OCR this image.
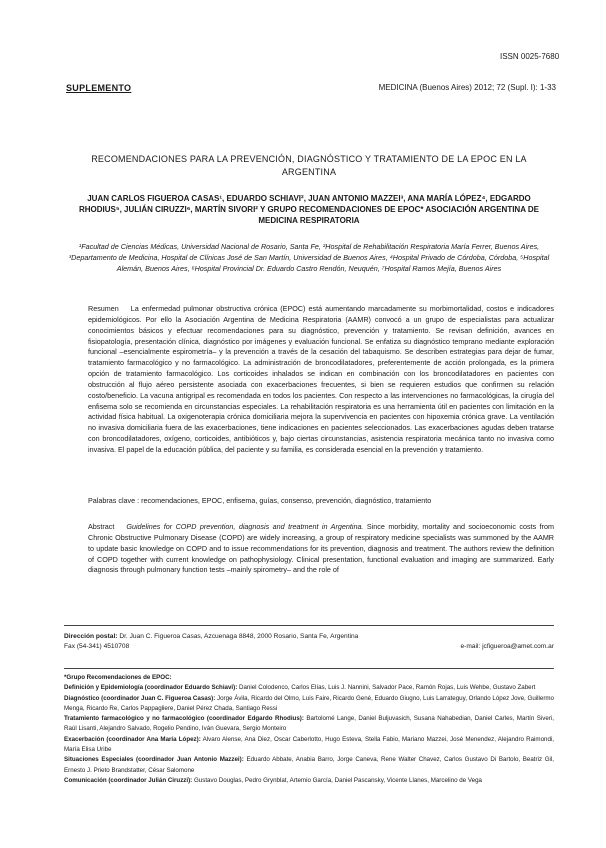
ISSN 0025-7680
SUPLEMENTO	MEDICINA (Buenos Aires) 2012; 72 (Supl. I): 1-33
RECOMENDACIONES PARA LA PREVENCIÓN, DIAGNÓSTICO Y TRATAMIENTO DE LA EPOC EN LA ARGENTINA
JUAN CARLOS FIGUEROA CASAS¹, EDUARDO SCHIAVI², JUAN ANTONIO MAZZEI³, ANA MARÍA LÓPEZ⁴, EDGARDO RHODIUS⁵, JULIÁN CIRUZZI⁶, MARTÍN SIVORI² Y GRUPO RECOMENDACIONES DE EPOC* ASOCIACIÓN ARGENTINA DE MEDICINA RESPIRATORIA
¹Facultad de Ciencias Médicas, Universidad Nacional de Rosario, Santa Fe, ²Hospital de Rehabilitación Respiratoria María Ferrer, Buenos Aires, ³Departamento de Medicina, Hospital de Clínicas José de San Martín, Universidad de Buenos Aires, ⁴Hospital Privado de Córdoba, Córdoba, ⁵Hospital Alemán, Buenos Aires, ⁶Hospital Provincial Dr. Eduardo Castro Rendón, Neuquén, ⁷Hospital Ramos Mejía, Buenos Aires
Resumen La enfermedad pulmonar obstructiva crónica (EPOC) está aumentando marcadamente su morbimortalidad, costos e indicadores epidemiológicos. Por ello la Asociación Argentina de Medicina Respiratoria (AAMR) convocó a un grupo de especialistas para actualizar conocimientos básicos y efectuar recomendaciones para su diagnóstico, prevención y tratamiento. Se revisan definición, avances en fisiopatología, presentación clínica, diagnóstico por imágenes y evaluación funcional. Se enfatiza su diagnóstico temprano mediante exploración funcional –esencialmente espirometría– y la prevención a través de la cesación del tabaquismo. Se describen estrategias para dejar de fumar, tratamiento farmacológico y no farmacológico. La administración de broncodilatadores, preferentemente de acción prolongada, es la primera opción de tratamiento farmacológico. Los corticoides inhalados se indican en combinación con los broncodilatadores en pacientes con obstrucción al flujo aéreo persistente asociada con exacerbaciones frecuentes, si bien se requieren estudios que confirmen su relación costo/beneficio. La vacuna antigripal es recomendada en todos los pacientes. Con respecto a las intervenciones no farmacológicas, la cirugía del enfisema solo se recomienda en circunstancias especiales. La rehabilitación respiratoria es una herramienta útil en pacientes con limitación en la actividad física habitual. La oxigenoterapia crónica domiciliaria mejora la supervivencia en pacientes con hipoxemia crónica grave. La ventilación no invasiva domiciliaria fuera de las exacerbaciones, tiene indicaciones en pacientes seleccionados. Las exacerbaciones agudas deben tratarse con broncodilatadores, oxígeno, corticoides, antibióticos y, bajo ciertas circunstancias, asistencia respiratoria mecánica tanto no invasiva como invasiva. El papel de la educación pública, del paciente y su familia, es considerada esencial en la prevención y tratamiento.
Palabras clave : recomendaciones, EPOC, enfisema, guías, consenso, prevención, diagnóstico, tratamiento
Abstract Guidelines for COPD prevention, diagnosis and treatment in Argentina. Since morbidity, mortality and socioeconomic costs from Chronic Obstructive Pulmonary Disease (COPD) are widely increasing, a group of respiratory medicine specialists was summoned by the AAMR to update basic knowledge on COPD and to issue recommendations for its prevention, diagnosis and treatment. The authors review the definition of COPD together with current knowledge on pathophysiology. Clinical presentation, functional evaluation and imaging are summarized. Early diagnosis through pulmonary function tests –mainly spirometry– and the role of
Dirección postal: Dr. Juan C. Figueroa Casas, Azcuenaga 8848, 2000 Rosario, Santa Fe, Argentina
Fax (54-341) 4510708	e-mail: jcfigueroa@amet.com.ar

*Grupo Recomendaciones de EPOC:

Definición y Epidemiología (coordinador Eduardo Schiavi): Daniel Colodenco, Carlos Elías, Luis J. Nannini, Salvador Pace, Ramón Rojas, Luis Wehbe, Gustavo Zabert

Diagnóstico (coordinador Juan C. Figueroa Casas): Jorge Ávila, Ricardo del Olmo, Luis Faire, Ricardo Gené, Eduardo Giugno, Luis Larrateguy, Orlando López Jove, Guillermo Menga, Ricardo Re, Carlos Pappagliere, Daniel Pérez Chada, Santiago Ressi

Tratamiento farmacológico y no farmacológico (coordinador Edgardo Rhodius): Bartolomé Lange, Daniel Buljuvasich, Susana Nahabedian, Daniel Carles, Martín Siveri, Raúl Lisanti, Alejandro Salvado, Rogelio Pendino, Iván Guevara, Sergio Monteiro

Exacerbación (coordinador Ana María López): Alvaro Alense, Ana Diez, Oscar Caberlotto, Hugo Esteva, Stella Fabio, Mariano Mazzei, José Menendez, Alejandro Raimondi, María Elisa Uribe

Situaciones Especiales (coordinador Juan Antonio Mazzei): Eduardo Abbate, Anabia Barro, Jorge Caneva, Rene Walter Chavez, Carlos Gustavo Di Bartolo, Beatriz Gil, Ernesto J. Prieto Brandstatter, César Salomone

Comunicación (coordinador Julián Ciruzzi): Gustavo Douglas, Pedro Grynblat, Artemio García, Daniel Pascansky, Vicente Llanes, Marcelino de Vega
